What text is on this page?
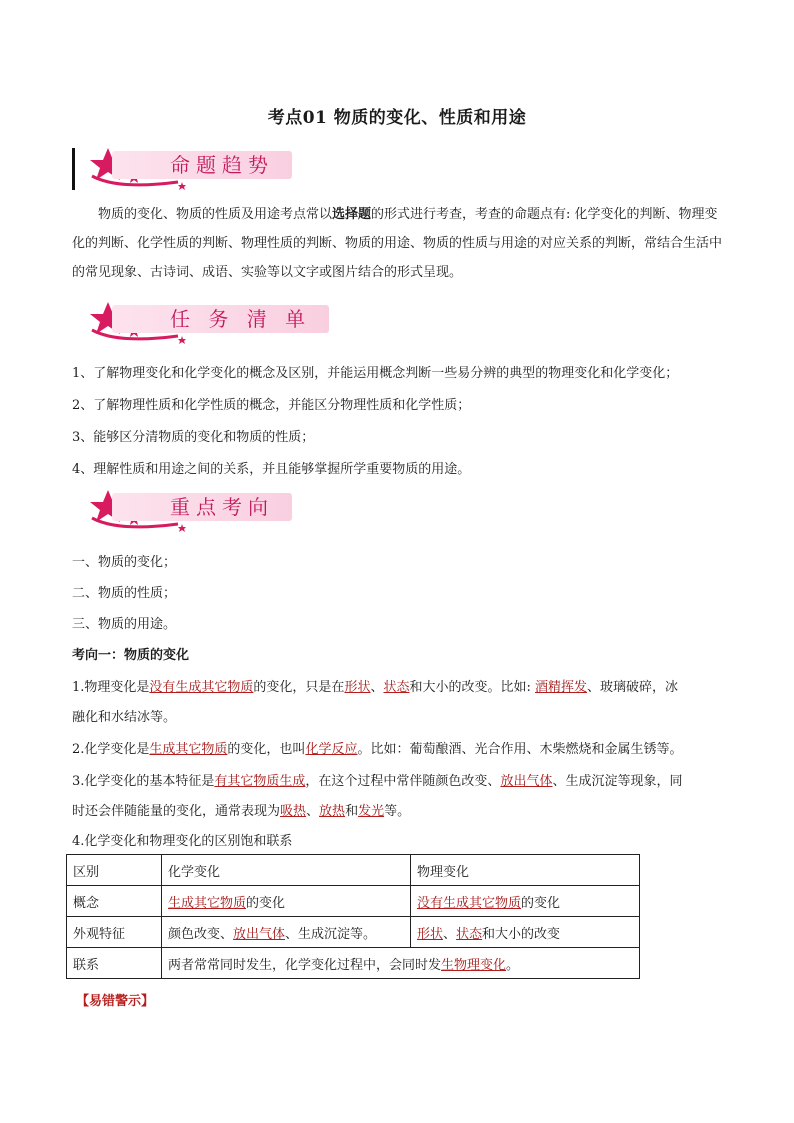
考点01 物质的变化、性质和用途
命题趋势
物质的变化、物质的性质及用途考点常以选择题的形式进行考查，考查的命题点有: 化学变化的判断、物理变化的判断、化学性质的判断、物理性质的判断、物质的用途、物质的性质与用途的对应关系的判断，常结合生活中的常见现象、古诗词、成语、实验等以文字或图片结合的形式呈现。
任 务 清 单
1、了解物理变化和化学变化的概念及区别，并能运用概念判断一些易分辨的典型的物理变化和化学变化；
2、了解物理性质和化学性质的概念，并能区分物理性质和化学性质；
3、能够区分清物质的变化和物质的性质；
4、理解性质和用途之间的关系，并且能够掌握所学重要物质的用途。
重点考向
一、物质的变化；
二、物质的性质；
三、物质的用途。
考向一：物质的变化
1.物理变化是没有生成其它物质的变化，只是在形状、状态和大小的改变。比如: 酒精挥发、玻璃破碎，冰
融化和水结冰等。
2.化学变化是生成其它物质的变化，也叫化学反应。比如：葡萄酿酒、光合作用、木柴燃烧和金属生锈等。
3.化学变化的基本特征是有其它物质生成，在这个过程中常伴随颜色改变、放出气体、生成沉淀等现象，同
时还会伴随能量的变化，通常表现为吸热、放热和发光等。
4.化学变化和物理变化的区别饱和联系
区别	化学变化	物理变化
概念	生成其它物质的变化	没有生成其它物质的变化
外观特征	颜色改变、放出气体、生成沉淀等。	形状、状态和大小的改变
联系	两者常常同时发生，化学变化过程中，会同时发生物理变化。	
【易错警示】
